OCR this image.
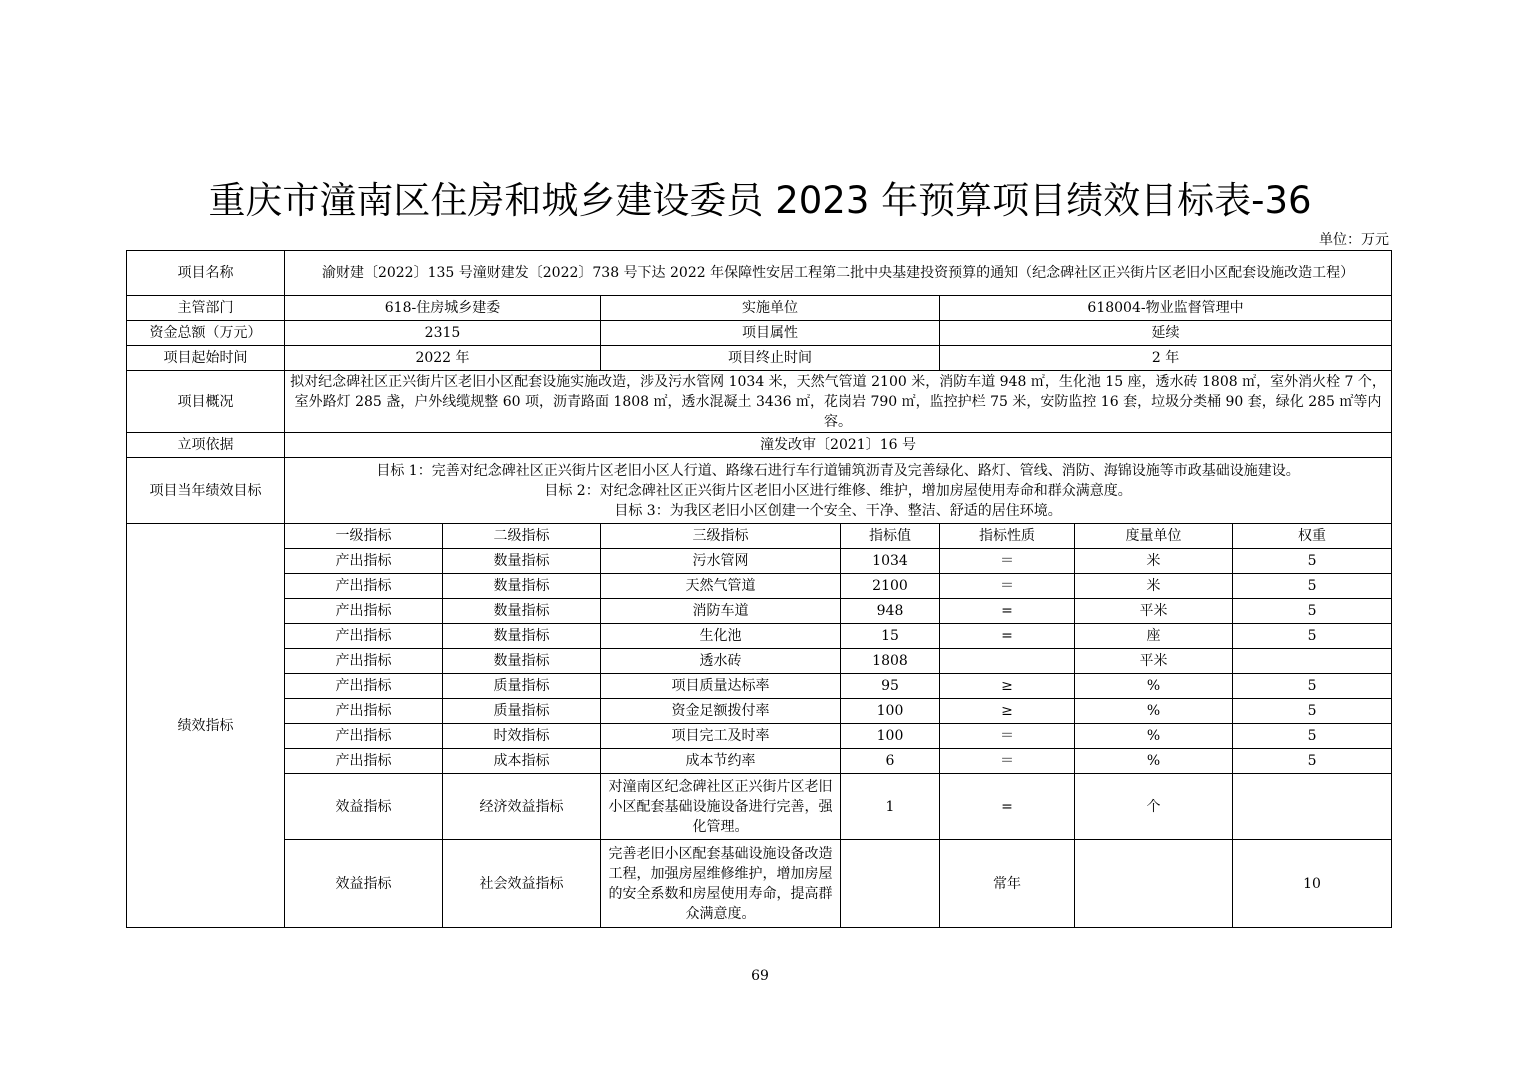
重庆市潼南区住房和城乡建设委员 2023 年预算项目绩效目标表-36
单位：万元
项目名称	渝财建〔2022〕135 号潼财建发〔2022〕738 号下达 2022 年保障性安居工程第二批中央基建投资预算的通知（纪念碑社区正兴街片区老旧小区配套设施改造工程）						
主管部门	618-住房城乡建委		实施单位		618004-物业监督管理中		
资金总额（万元）	2315		项目属性		延续		
项目起始时间	2022 年		项目终止时间		2 年		
项目概况	拟对纪念碑社区正兴街片区老旧小区配套设施实施改造，涉及污水管网 1034 米，天然气管道 2100 米，消防车道 948 ㎡，生化池 15 座，透水砖 1808 ㎡，室外消火栓 7 个，室外路灯 285 盏，户外线缆规整 60 项，沥青路面 1808 ㎡，透水混凝土 3436 ㎡，花岗岩 790 ㎡，监控护栏 75 米，安防监控 16 套，垃圾分类桶 90 套，绿化 285 ㎡等内容。						
立项依据	潼发改审〔2021〕16 号						
项目当年绩效目标	目标 1：完善对纪念碑社区正兴街片区老旧小区人行道、路缘石进行车行道铺筑沥青及完善绿化、路灯、管线、消防、海锦设施等市政基础设施建设。
目标 2：对纪念碑社区正兴街片区老旧小区进行维修、维护，增加房屋使用寿命和群众满意度。
目标 3：为我区老旧小区创建一个安全、干净、整洁、舒适的居住环境。						

绩效指标	一级指标	二级指标	三级指标	指标值	指标性质	度量单位	权重
	产出指标	数量指标	污水管网	1034	＝	米	5
	产出指标	数量指标	天然气管道	2100	＝	米	5
	产出指标	数量指标	消防车道	948	=	平米	5
	产出指标	数量指标	生化池	15	=	座	5
	产出指标	数量指标	透水砖	1808		平米	
	产出指标	质量指标	项目质量达标率	95	≥	%	5
	产出指标	质量指标	资金足额拨付率	100	≥	%	5
	产出指标	时效指标	项目完工及时率	100	＝	%	5
	产出指标	成本指标	成本节约率	6	＝	%	5
	效益指标	经济效益指标	对潼南区纪念碑社区正兴街片区老旧小区配套基础设施设备进行完善，强化管理。	1	=	个	
	效益指标	社会效益指标	完善老旧小区配套基础设施设备改造工程，加强房屋维修维护，增加房屋的安全系数和房屋使用寿命，提高群众满意度。		常年		10
69
